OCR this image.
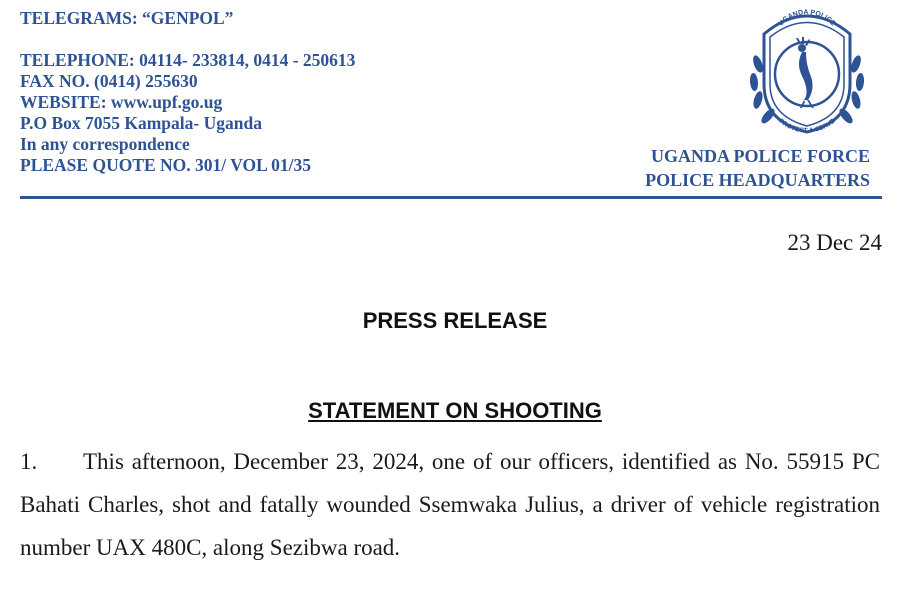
TELEGRAMS: “GENPOL”
TELEPHONE: 04114- 233814, 0414 - 250613
FAX NO. (0414) 255630
WEBSITE: www.upf.go.ug
P.O Box 7055 Kampala- Uganda
In any correspondence
PLEASE QUOTE NO. 301/ VOL 01/35
UGANDA POLICE
PROTECT & SERVE
UGANDA POLICE FORCE
POLICE HEADQUARTERS
23 Dec 24
PRESS RELEASE
STATEMENT ON SHOOTING
1. This afternoon, December 23, 2024, one of our officers, identified as No. 55915 PC Bahati Charles, shot and fatally wounded Ssemwaka Julius, a driver of vehicle registration number UAX 480C, along Sezibwa road.
